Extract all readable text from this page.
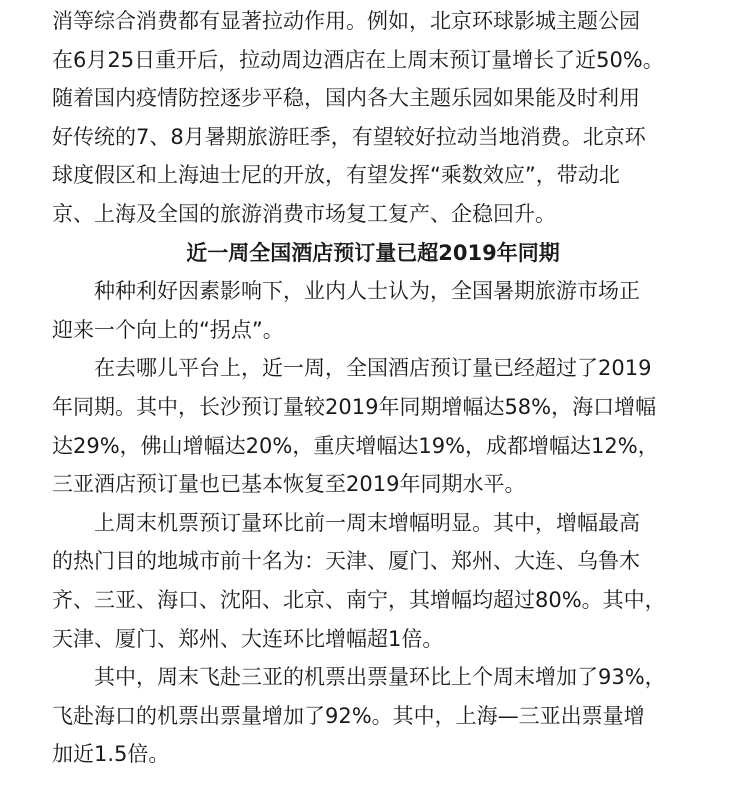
消等综合消费都有显著拉动作用。例如，北京环球影城主题公园
在6月25日重开后，拉动周边酒店在上周末预订量增长了近50%。
随着国内疫情防控逐步平稳，国内各大主题乐园如果能及时利用
好传统的7、8月暑期旅游旺季，有望较好拉动当地消费。北京环
球度假区和上海迪士尼的开放，有望发挥“乘数效应”，带动北
京、上海及全国的旅游消费市场复工复产、企稳回升。

近一周全国酒店预订量已超2019年同期

种种利好因素影响下，业内人士认为，全国暑期旅游市场正
迎来一个向上的“拐点”。

在去哪儿平台上，近一周，全国酒店预订量已经超过了2019
年同期。其中，长沙预订量较2019年同期增幅达58%，海口增幅
达29%，佛山增幅达20%，重庆增幅达19%，成都增幅达12%，
三亚酒店预订量也已基本恢复至2019年同期水平。

上周末机票预订量环比前一周末增幅明显。其中，增幅最高
的热门目的地城市前十名为：天津、厦门、郑州、大连、乌鲁木
齐、三亚、海口、沈阳、北京、南宁，其增幅均超过80%。其中，
天津、厦门、郑州、大连环比增幅超1倍。

其中，周末飞赴三亚的机票出票量环比上个周末增加了93%，
飞赴海口的机票出票量增加了92%。其中，上海—三亚出票量增
加近1.5倍。
